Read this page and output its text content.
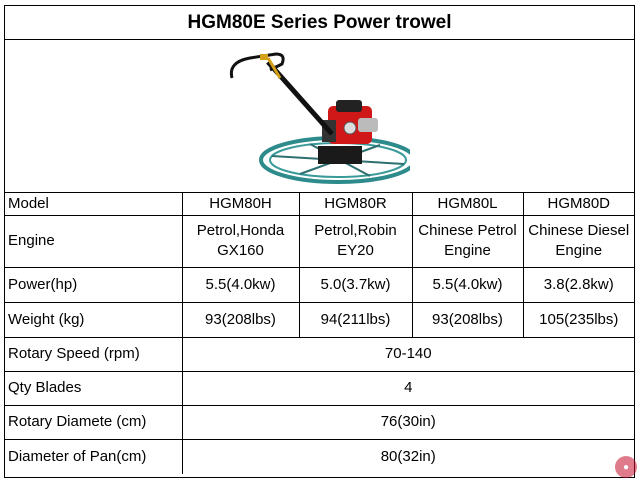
HGM80E Series Power trowel
Model	HGM80H	HGM80R	HGM80L	HGM80D
Engine	Petrol,Honda GX160	Petrol,Robin EY20	Chinese Petrol Engine	Chinese Diesel Engine
Power(hp)	5.5(4.0kw)	5.0(3.7kw)	5.5(4.0kw)	3.8(2.8kw)
Weight (kg)	93(208lbs)	94(211lbs)	93(208lbs)	105(235lbs)
Rotary Speed (rpm)	70-140			
Qty Blades	4			
Rotary Diamete (cm)	76(30in)			
Diameter of Pan(cm)	80(32in)			
●
